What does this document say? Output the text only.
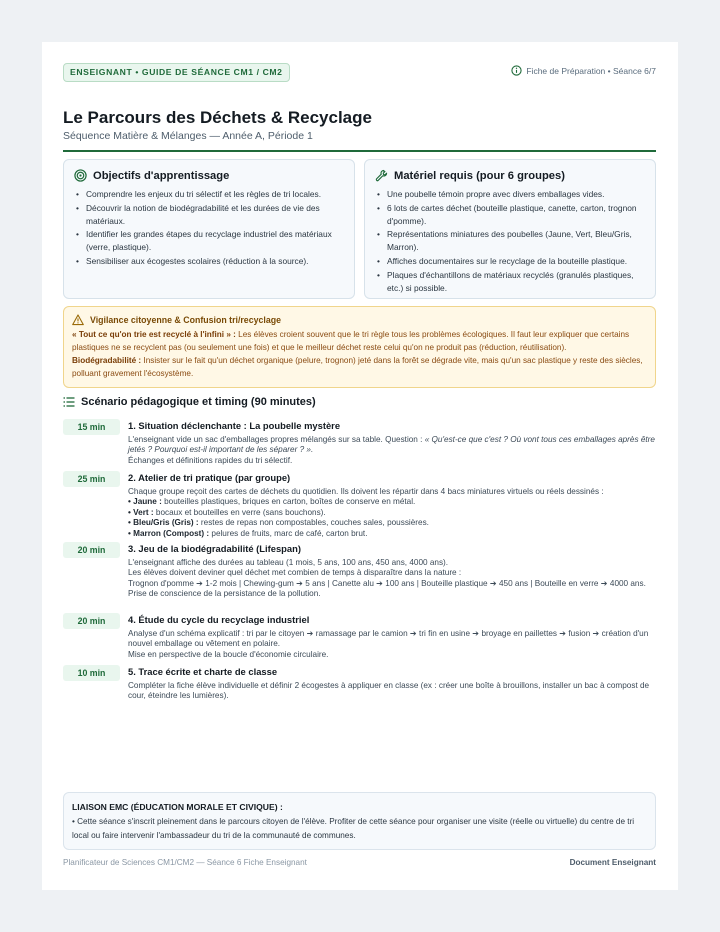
ENSEIGNANT • GUIDE DE SÉANCE CM1 / CM2	Fiche de Préparation • Séance 6/7
Le Parcours des Déchets & Recyclage
Séquence Matière & Mélanges — Année A, Période 1
Objectifs d'apprentissage
• Comprendre les enjeux du tri sélectif et les règles de tri locales.
• Découvrir la notion de biodégradabilité et les durées de vie des matériaux.
• Identifier les grandes étapes du recyclage industriel des matériaux (verre, plastique).
• Sensibiliser aux écogestes scolaires (réduction à la source).
Matériel requis (pour 6 groupes)
• Une poubelle témoin propre avec divers emballages vides.
• 6 lots de cartes déchet (bouteille plastique, canette, carton, trognon d'pomme).
• Représentations miniatures des poubelles (Jaune, Vert, Bleu/Gris, Marron).
• Affiches documentaires sur le recyclage de la bouteille plastique.
• Plaques d'échantillons de matériaux recyclés (granulés plastiques, etc.) si possible.
Vigilance citoyenne & Confusion tri/recyclage

« Tout ce qu'on trie est recyclé à l'infini » : Les élèves croient souvent que le tri règle tous les problèmes écologiques. Il faut leur expliquer que certains plastiques ne se recyclent pas (ou seulement une fois) et que le meilleur déchet reste celui qu'on ne produit pas (réduction, réutilisation).

Biodégradabilité : Insister sur le fait qu'un déchet organique (pelure, trognon) jeté dans la forêt se dégrade vite, mais qu'un sac plastique y reste des siècles, polluant gravement l'écosystème.

Scénario pédagogique et timing (90 minutes)
15 min	1. Situation déclenchante : La poubelle mystère
L'enseignant vide un sac d'emballages propres mélangés sur sa table. Question : « Qu'est-ce que c'est ? Où vont tous ces emballages après être jetés ? Pourquoi est-il important de les séparer ? ».
Échanges et définitions rapides du tri sélectif.
25 min	2. Atelier de tri pratique (par groupe)
Chaque groupe reçoit des cartes de déchets du quotidien. Ils doivent les répartir dans 4 bacs miniatures virtuels ou réels dessinés :
• Jaune : bouteilles plastiques, briques en carton, boîtes de conserve en métal.
• Vert : bocaux et bouteilles en verre (sans bouchons).
• Bleu/Gris (Gris) : restes de repas non compostables, couches sales, poussières.
• Marron (Compost) : pelures de fruits, marc de café, carton brut.
20 min	3. Jeu de la biodégradabilité (Lifespan)
L'enseignant affiche des durées au tableau (1 mois, 5 ans, 100 ans, 450 ans, 4000 ans).
Les élèves doivent deviner quel déchet met combien de temps à disparaître dans la nature :
Trognon d'pomme ➔ 1-2 mois | Chewing-gum ➔ 5 ans | Canette alu ➔ 100 ans | Bouteille plastique ➔ 450 ans | Bouteille en verre ➔ 4000 ans.
Prise de conscience de la persistance de la pollution.
20 min	4. Étude du cycle du recyclage industriel
Analyse d'un schéma explicatif : tri par le citoyen ➔ ramassage par le camion ➔ tri fin en usine ➔ broyage en paillettes ➔ fusion ➔ création d'un nouvel emballage ou vêtement en polaire.
Mise en perspective de la boucle d'économie circulaire.
10 min	5. Trace écrite et charte de classe
Compléter la fiche élève individuelle et définir 2 écogestes à appliquer en classe (ex : créer une boîte à brouillons, installer un bac à compost de cour, éteindre les lumières).
LIAISON EMC (ÉDUCATION MORALE ET CIVIQUE) :
• Cette séance s'inscrit pleinement dans le parcours citoyen de l'élève. Profiter de cette séance pour organiser une visite (réelle ou virtuelle) du centre de tri local ou faire intervenir l'ambassadeur du tri de la communauté de communes.
Planificateur de Sciences CM1/CM2 — Séance 6 Fiche Enseignant	Document Enseignant
